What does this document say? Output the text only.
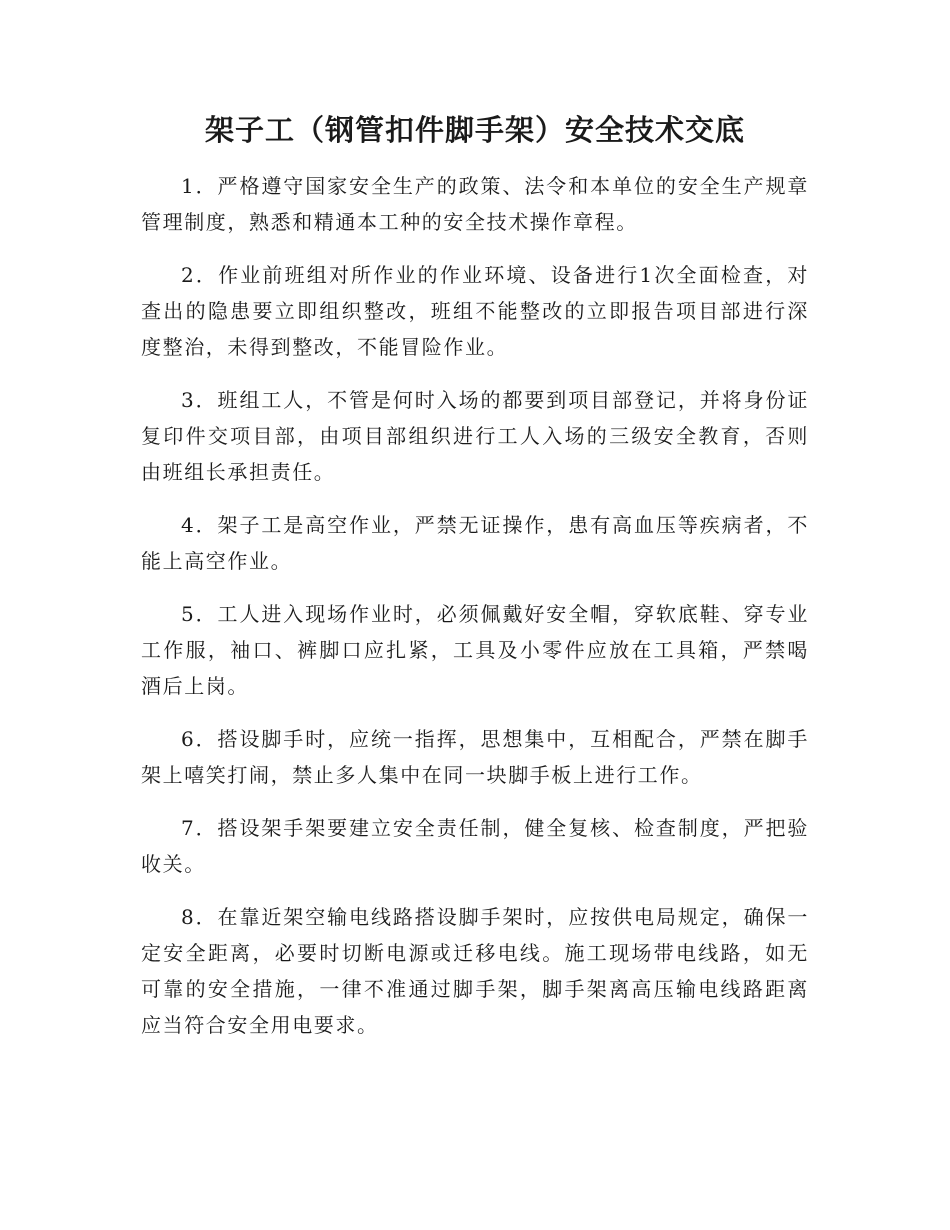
架子工（钢管扣件脚手架）安全技术交底

1．严格遵守国家安全生产的政策、法令和本单位的安全生产规章管理制度，熟悉和精通本工种的安全技术操作章程。

2．作业前班组对所作业的作业环境、设备进行1次全面检查，对查出的隐患要立即组织整改，班组不能整改的立即报告项目部进行深度整治，未得到整改，不能冒险作业。

3．班组工人，不管是何时入场的都要到项目部登记，并将身份证复印件交项目部，由项目部组织进行工人入场的三级安全教育，否则由班组长承担责任。

4．架子工是高空作业，严禁无证操作，患有高血压等疾病者，不能上高空作业。

5．工人进入现场作业时，必须佩戴好安全帽，穿软底鞋、穿专业工作服，袖口、裤脚口应扎紧，工具及小零件应放在工具箱，严禁喝酒后上岗。

6．搭设脚手时，应统一指挥，思想集中，互相配合，严禁在脚手架上嘻笑打闹，禁止多人集中在同一块脚手板上进行工作。

7．搭设架手架要建立安全责任制，健全复核、检查制度，严把验收关。

8．在靠近架空输电线路搭设脚手架时，应按供电局规定，确保一定安全距离，必要时切断电源或迁移电线。施工现场带电线路，如无可靠的安全措施，一律不准通过脚手架，脚手架离高压输电线路距离应当符合安全用电要求。
